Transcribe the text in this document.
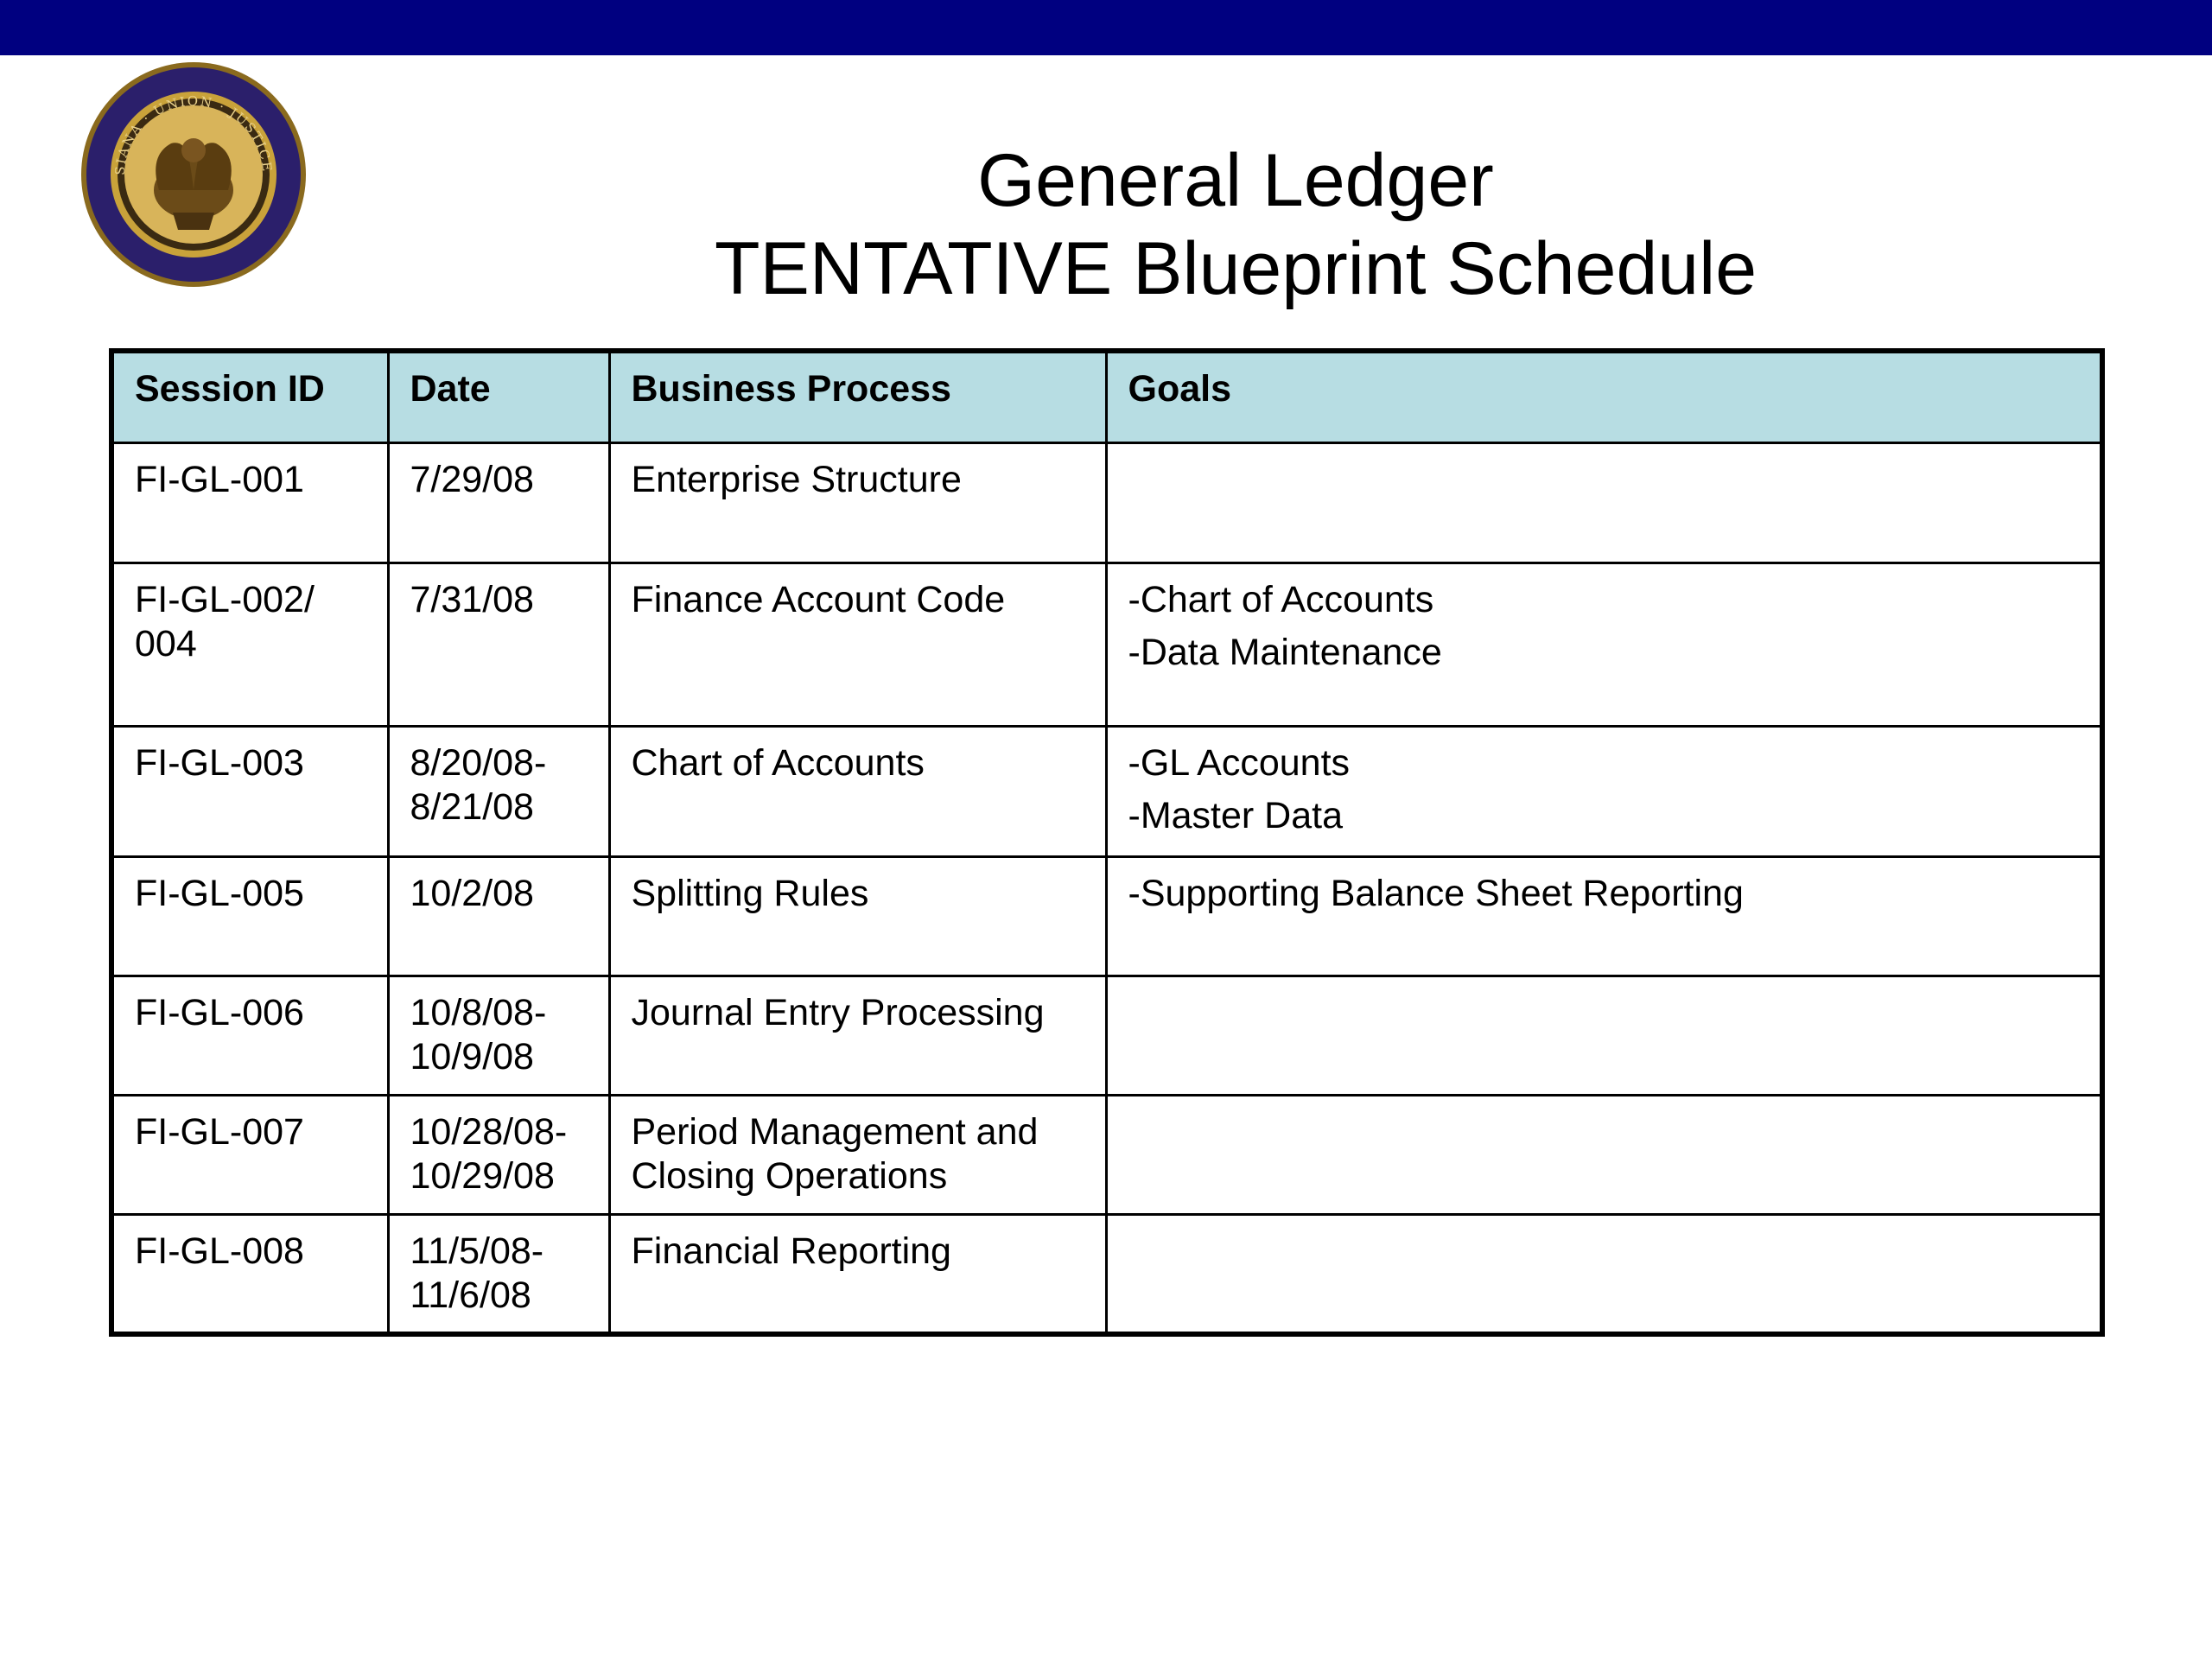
SIANA · UNION · JUSTICE	General Ledger
TENTATIVE Blueprint Schedule
Session ID	Date	Business Process	Goals
FI-GL-001	7/29/08	Enterprise Structure	
FI-GL-002/ 004	7/31/08	Finance Account Code	-Chart of Accounts
-Data Maintenance

FI-GL-003	8/20/08- 8/21/08	Chart of Accounts	-GL Accounts
-Master Data

FI-GL-005	10/2/08	Splitting Rules	-Supporting Balance Sheet Reporting

FI-GL-006	10/8/08- 10/9/08	Journal Entry Processing	
FI-GL-007	10/28/08- 10/29/08	Period Management and Closing Operations	
FI-GL-008	11/5/08- 11/6/08	Financial Reporting	
